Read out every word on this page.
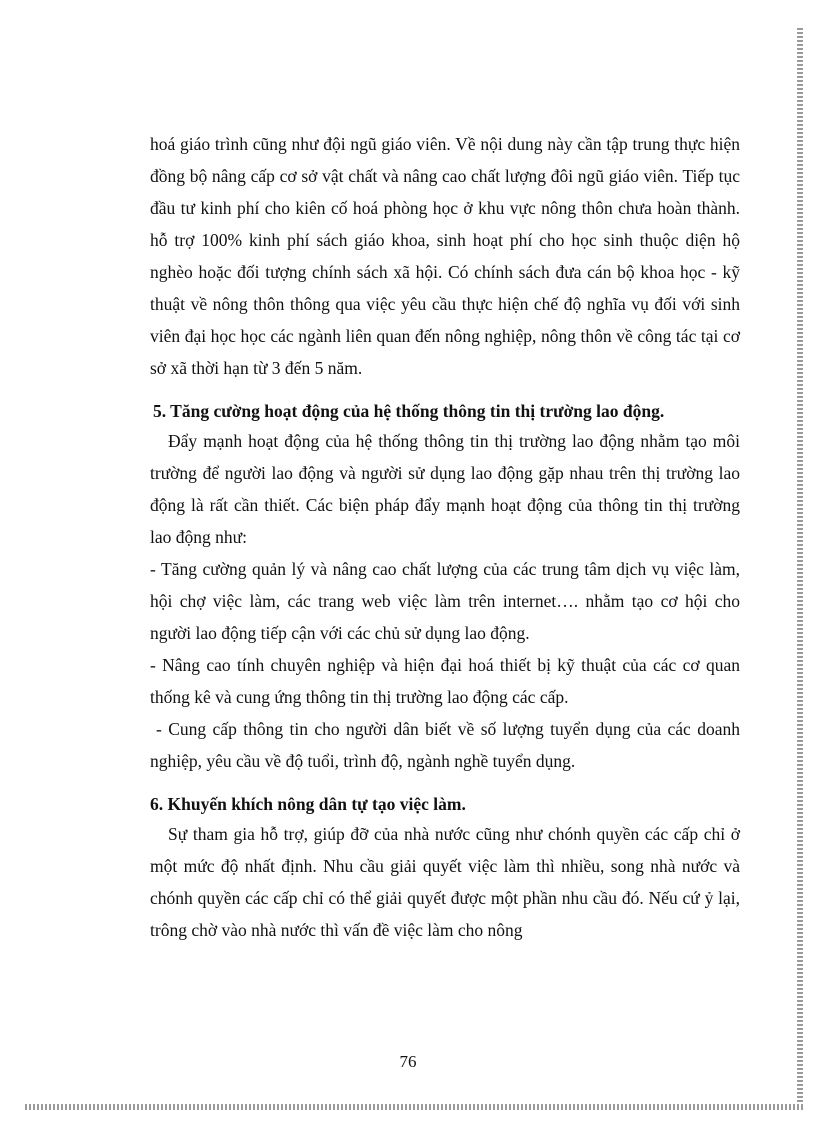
hoá giáo trình cũng như đội ngũ giáo viên. Về nội dung này cần tập trung thực hiện đồng bộ nâng cấp cơ sở vật chất và nâng cao chất lượng đôi ngũ giáo viên. Tiếp tục đầu tư kinh phí cho kiên cố hoá phòng học ở khu vực nông thôn chưa hoàn thành. hỗ trợ 100% kinh phí sách giáo khoa, sinh hoạt phí cho học sinh thuộc diện hộ nghèo hoặc đối tượng chính sách xã hội. Có chính sách đưa cán bộ khoa học - kỹ thuật về nông thôn thông qua việc yêu cầu thực hiện chế độ nghĩa vụ đối với sinh viên đại học học các ngành liên quan đến nông nghiệp, nông thôn về công tác tại cơ sở xã thời hạn từ 3 đến 5 năm.

5. Tăng cường hoạt động của hệ thống thông tin thị trường lao động.

Đẩy mạnh hoạt động của hệ thống thông tin thị trường lao động nhằm tạo môi trường để người lao động và người sử dụng lao động gặp nhau trên thị trường lao động là rất cần thiết. Các biện pháp đẩy mạnh hoạt động của thông tin thị trường lao động như:

- Tăng cường quản lý và nâng cao chất lượng của các trung tâm dịch vụ việc làm, hội chợ việc làm, các trang web việc làm trên internet…. nhằm tạo cơ hội cho người lao động tiếp cận với các chủ sử dụng lao động.

- Nâng cao tính chuyên nghiệp và hiện đại hoá thiết bị kỹ thuật của các cơ quan thống kê và cung ứng thông tin thị trường lao động các cấp.

- Cung cấp thông tin cho người dân biết về số lượng tuyển dụng của các doanh nghiệp, yêu cầu về độ tuổi, trình độ, ngành nghề tuyển dụng.

6. Khuyến khích nông dân tự tạo việc làm.

Sự tham gia hỗ trợ, giúp đỡ của nhà nước cũng như chónh quyền các cấp chỉ ở một mức độ nhất định. Nhu cầu giải quyết việc làm thì nhiều, song nhà nước và chónh quyền các cấp chỉ có thể giải quyết được một phần nhu cầu đó. Nếu cứ ỷ lại, trông chờ vào nhà nước thì vấn đề việc làm cho nông

76
